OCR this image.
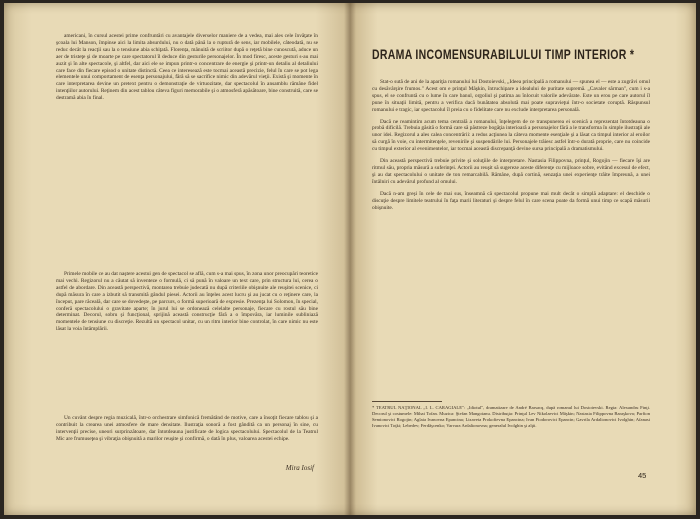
americani, în cursul acestei prime confruntări cu avantajele diverselor maniere de a vedea, mai ales cele învăţate în şcoala lui Manson, împinse aici la limita absurdului, nu o dată până la o ruptură de sens, iar mobilele, câteodată, nu se reduc decât la reacţii sau la o tensiune abia schiţată. Florența, mânuită de scriitor după o reţetă bine cunoscută, aduce un aer de tristeţe şi de moarte pe care spectatorul îl deduce din gesturile personajelor. În mod firesc, aceste gesturi s-au mai auzit şi în alte spectacole, şi altfel, dar aici ele se impun printr-o concentrare de energie şi printr-un detaliu al detaliului care face din fiecare episod o unitate distinctă. Ceea ce interesează este tocmai această precizie, felul în care se pot lega elementele unui comportament de esenţa personajului, fără să se sacrifice nimic din adevărul vieţii. Există şi momente în care interpretarea devine un pretext pentru o demonstraţie de virtuozitate, dar spectacolul în ansamblu rămâne fidel intenţiilor autorului. Reţinem din acest tablou câteva figuri memorabile şi o atmosferă apăsătoare, bine construită, care se destramă abia în final.

Primele mobile ce au dat naştere acestui gen de spectacol se află, cum s-a mai spus, în zona unor preocupări teoretice mai vechi. Regizorul nu a căutat să inventeze o formulă, ci să pună în valoare un text care, prin structura lui, cerea o astfel de abordare. Din această perspectivă, montarea trebuie judecată nu după criteriile obişnuite ale reuşitei scenice, ci după măsura în care a izbutit să transmită gândul piesei. Actorii au înţeles acest lucru şi au jucat cu o reţinere care, la început, pare răceală, dar care se dovedeşte, pe parcurs, o formă superioară de expresie. Prezenţa lui Solomon, în special, conferă spectacolului o gravitate aparte; în jurul lui se ordonează celelalte personaje, fiecare cu rostul său bine determinat. Decorul, sobru şi funcţional, sprijină această construcţie fără a o împovăra, iar luminile subliniază momentele de tensiune cu discreţie. Rezultă un spectacol unitar, cu un ritm interior bine controlat, în care nimic nu este lăsat la voia întâmplării.

Un cuvânt despre regia muzicală, într-o orchestrare simfonică fremătând de motive, care a însoţit fiecare tablou şi a contribuit la crearea unei atmosfere de mare densitate. Ilustraţia sonoră a fost gândită ca un personaj în sine, cu intervenţii precise, uneori surprinzătoare, dar întotdeauna justificate de logica spectacolului. Spectacolul de la Teatrul Mic are frumuseţea şi vibraţia obişnuită a marilor reuşite şi confirmă, o dată în plus, valoarea acestei echipe.

Mira Iosif
DRAMA INCOMENSURABILULUI TIMP INTERIOR *

Stat-o sută de ani de la apariţia romanului lui Dostoievski, „Ideea principală a romanului — spunea el — este a zugrăvi omul cu desăvârşire frumos." Acest om e prinţul Mâşkin, întruchipare a idealului de puritate supremă. „Cavaler sărman", cum i s-a spus, el se confruntă cu o lume în care banul, orgoliul şi patima au înlocuit valorile adevărate. Este un erou pe care autorul îl pune în situaţii limită, pentru a verifica dacă bunătatea absolută mai poate supravieţui într-o societate coruptă. Răspunsul romanului e tragic, iar spectacolul îl preia cu o fidelitate care nu exclude interpretarea personală.

Dacă ne reamintim acum tema centrală a romanului, înţelegem de ce transpunerea ei scenică a reprezentat întotdeauna o probă dificilă. Trebuia găsită o formă care să păstreze bogăţia interioară a personajelor fără a le transforma în simple ilustraţii ale unor idei. Regizorul a ales calea concentrării: a redus acţiunea la câteva momente esenţiale şi a lăsat ca timpul interior al eroilor să curgă în voie, cu intermitenţele, revenirile şi suspendările lui. Personajele trăiesc astfel într-o durată proprie, care nu coincide cu timpul exterior al evenimentelor, iar tocmai această discrepanţă devine sursa principală a dramatismului.

Din această perspectivă trebuie privite şi soluţiile de interpretare. Nastasia Filippovna, prinţul, Rogojin — fiecare îşi are ritmul său, propria măsură a suferinţei. Actorii au reuşit să sugereze aceste diferenţe cu mijloace sobre, evitând excesul de efect, şi au dat spectacolului o unitate de ton remarcabilă. Rămâne, după cortină, senzaţia unei experienţe trăite împreună, a unei întâlniri cu adevărul profund al omului.

Dacă n-am greşi în cele de mai sus, înseamnă că spectacolul propune mai mult decât o simplă adaptare: el deschide o discuţie despre limitele teatrului în faţa marii literaturi şi despre felul în care scena poate da formă unui timp ce scapă măsurii obişnuite.

* TEATRUL NAŢIONAL „I. L. CARAGIALE": „Idiotul", dramatizare de André Barsacq, după romanul lui Dostoievski. Regia: Alexandru Finţi. Decorul şi costumele: Mihai Tofan. Muzica: Ştefan Mangoianu. Distribuţia: Prinţul Lev Nikolaevici Mâşkin; Nastasia Filippovna Baraşkova; Parfion Semionovici Rogojin; Aglaia Ivanovna Epancina; Lizaveta Prokofievna Epancina; Ivan Fiodorovici Epancin; Gavrila Ardalionovici Ivolghin; Afanasi Ivanovici Toţki; Lebedev; Ferdâşcenko; Varvara Ardalionovna; generalul Ivolghin şi alţii.
45
